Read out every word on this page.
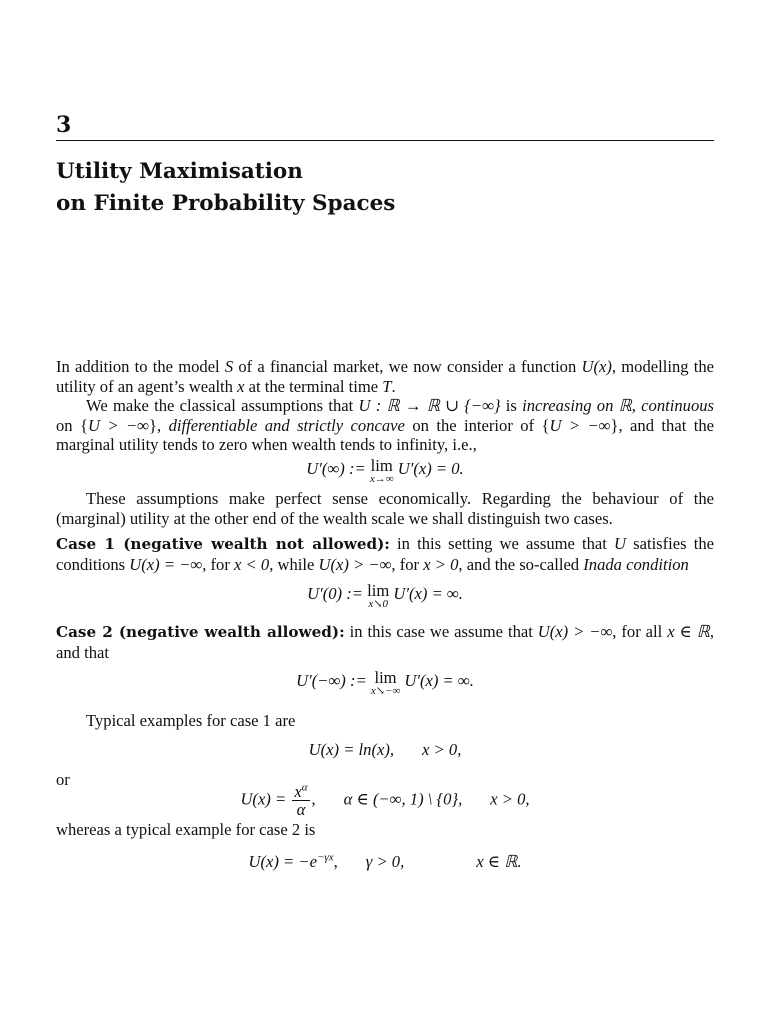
3
Utility Maximisation
on Finite Probability Spaces

In addition to the model S of a financial market, we now consider a function U(x), modelling the utility of an agent’s wealth x at the terminal time T.

We make the classical assumptions that U : ℝ → ℝ ∪ {−∞} is increasing on ℝ, continuous on {U > −∞}, differentiable and strictly concave on the interior of {U > −∞}, and that the marginal utility tends to zero when wealth tends to infinity, i.e.,

U′(∞) := lim
x→∞
U′(x) = 0.

These assumptions make perfect sense economically. Regarding the behaviour of the (marginal) utility at the other end of the wealth scale we shall distinguish two cases.

Case 1 (negative wealth not allowed): in this setting we assume that U satisfies the conditions U(x) = −∞, for x < 0, while U(x) > −∞, for x > 0, and the so-called Inada condition

U′(0) := lim
x↘0
U′(x) = ∞.

Case 2 (negative wealth allowed): in this case we assume that U(x) > −∞, for all x ∈ ℝ, and that

U′(−∞) := lim
x↘−∞
U′(x) = ∞.

Typical examples for case 1 are

U(x) = ln(x), x > 0,

or

$U(x) = \frac{x^\alpha}{\alpha}$ , α ∈ (−∞, 1) \ {0}, x > 0,

whereas a typical example for case 2 is

$U(x) = -e^{-\gamma x}$, γ > 0,	x ∈ ℝ.
